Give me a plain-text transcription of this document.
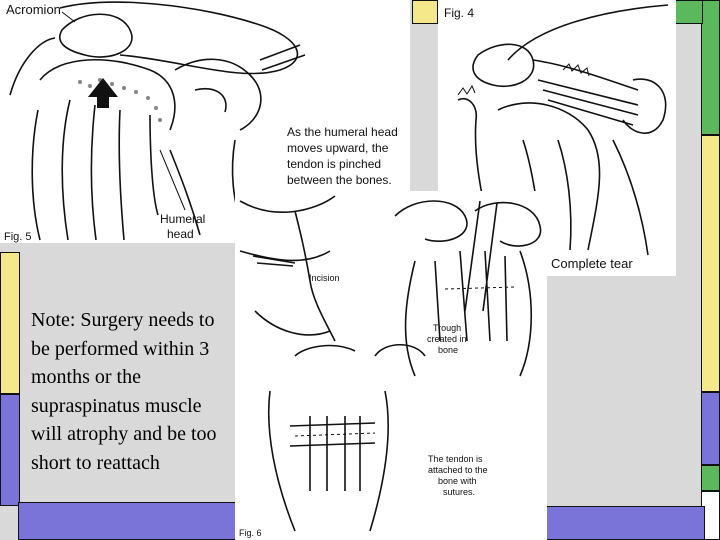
Acromion
As the humeral head
moves upward, the
tendon is pinched
between the bones.
Humeral
head
Fig. 5
Fig. 4
Complete tear
Incision
Trough
created in
bone
The tendon is
attached to the
bone with
sutures.
Fig. 6
Note: Surgery needs to be performed within 3 months or the supraspinatus muscle will atrophy and be too short to reattach
